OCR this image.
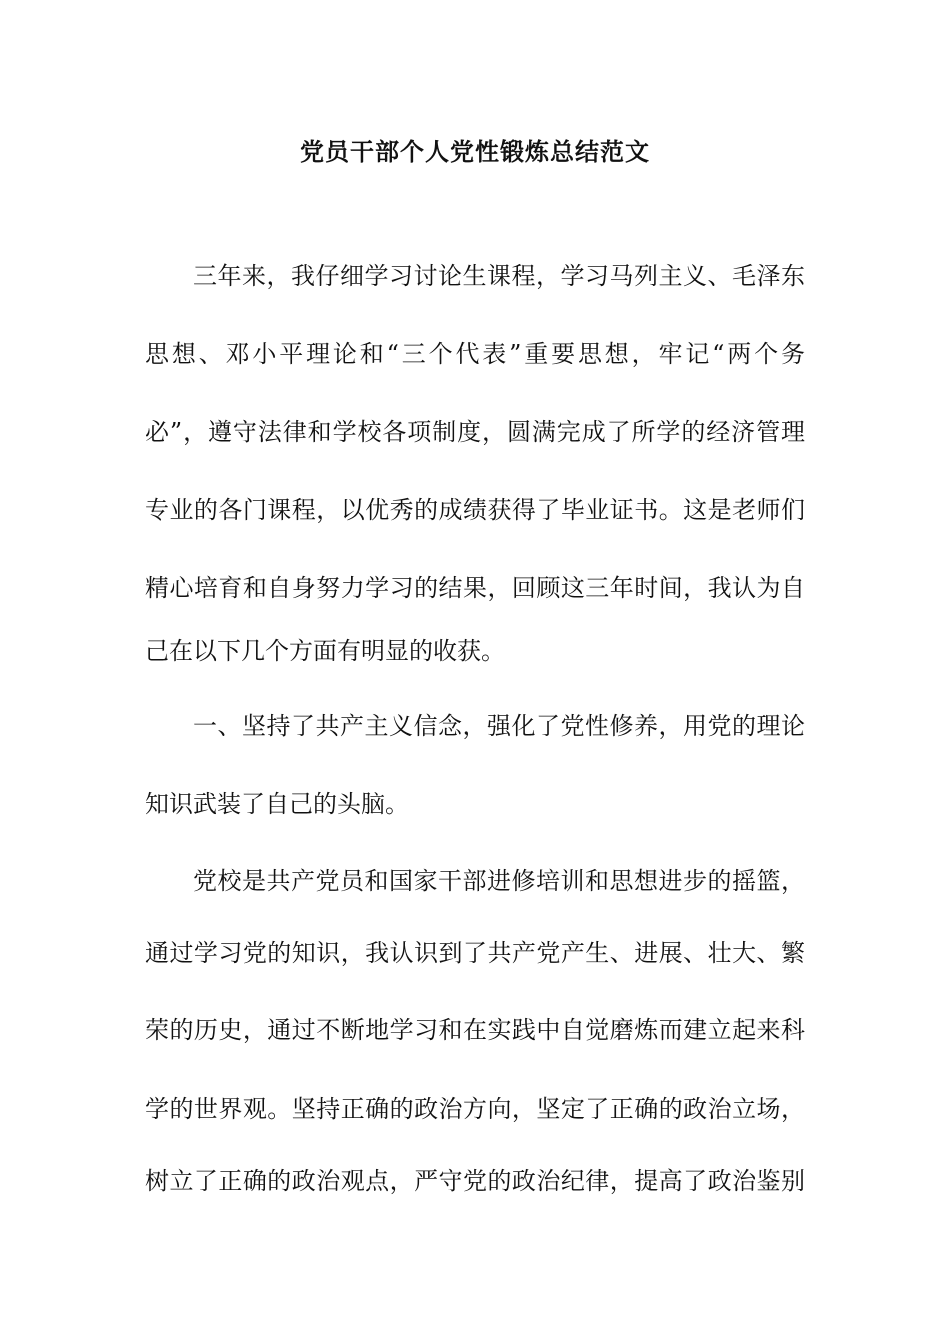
党员干部个人党性锻炼总结范文

三年来，我仔细学习讨论生课程，学习马列主义、毛泽东

思想、邓小平理论和“三个代表”重要思想，牢记“两个务

必”，遵守法律和学校各项制度，圆满完成了所学的经济管理

专业的各门课程，以优秀的成绩获得了毕业证书。这是老师们

精心培育和自身努力学习的结果，回顾这三年时间，我认为自

己在以下几个方面有明显的收获。

一、坚持了共产主义信念，强化了党性修养，用党的理论

知识武装了自己的头脑。

党校是共产党员和国家干部进修培训和思想进步的摇篮，

通过学习党的知识，我认识到了共产党产生、进展、壮大、繁

荣的历史，通过不断地学习和在实践中自觉磨炼而建立起来科

学的世界观。坚持正确的政治方向，坚定了正确的政治立场，

树立了正确的政治观点，严守党的政治纪律，提高了政治鉴别
